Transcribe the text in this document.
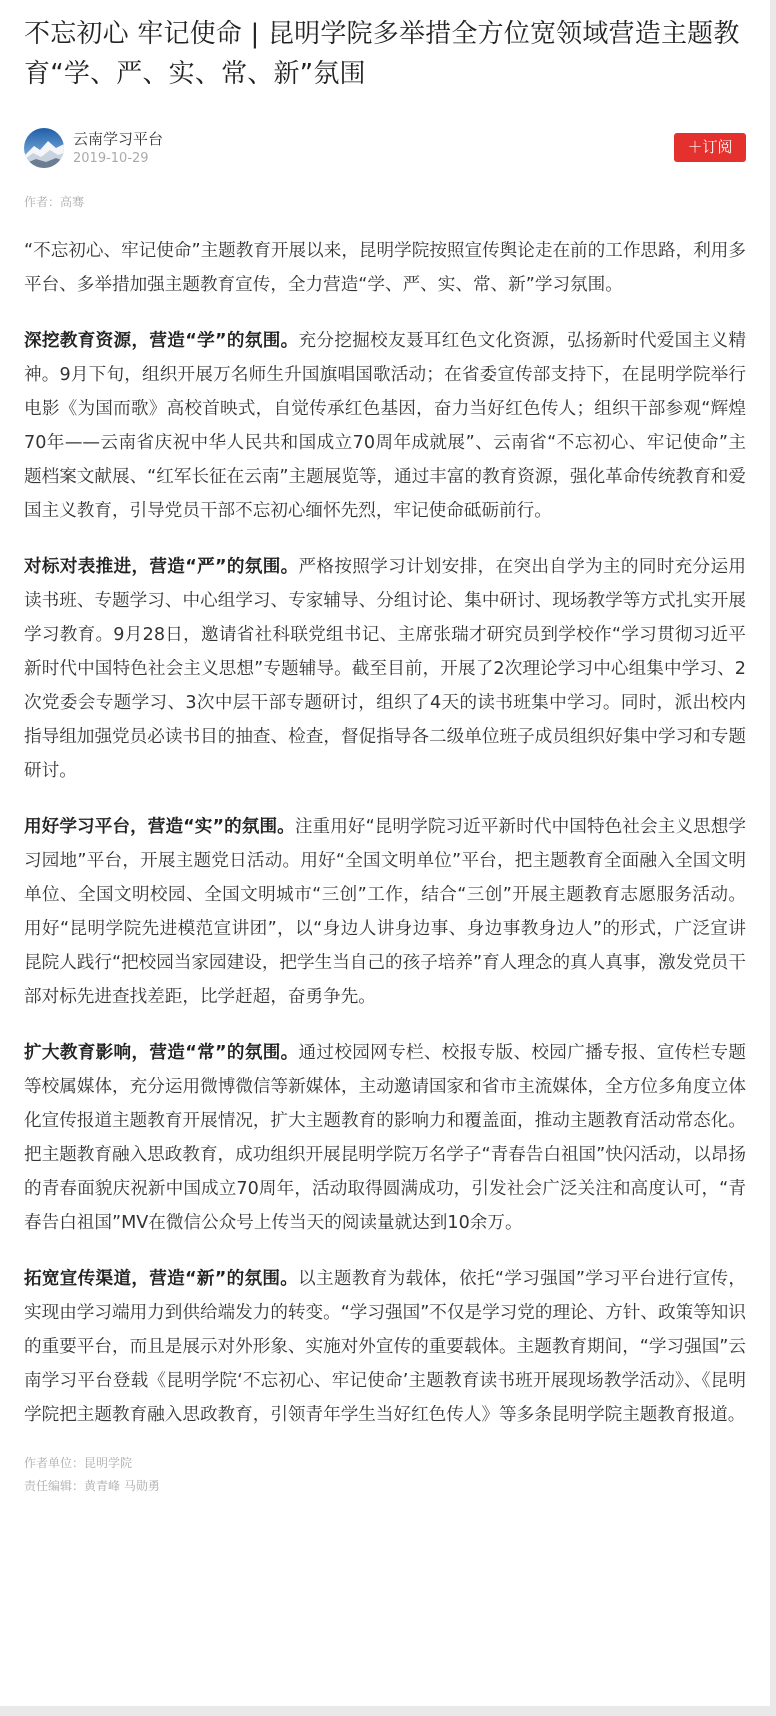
不忘初心 牢记使命 | 昆明学院多举措全方位宽领域营造主题教育“学、严、实、常、新”氛围
云南学习平台
2019-10-29
＋订阅
作者：高骞

“不忘初心、牢记使命”主题教育开展以来，昆明学院按照宣传舆论走在前的工作思路，利用多平台、多举措加强主题教育宣传，全力营造“学、严、实、常、新”学习氛围。

深挖教育资源，营造“学”的氛围。充分挖掘校友聂耳红色文化资源，弘扬新时代爱国主义精神。9月下旬，组织开展万名师生升国旗唱国歌活动；在省委宣传部支持下，在昆明学院举行电影《为国而歌》高校首映式，自觉传承红色基因，奋力当好红色传人；组织干部参观“辉煌70年——云南省庆祝中华人民共和国成立70周年成就展”、云南省“不忘初心、牢记使命”主题档案文献展、“红军长征在云南”主题展览等，通过丰富的教育资源，强化革命传统教育和爱国主义教育，引导党员干部不忘初心缅怀先烈，牢记使命砥砺前行。

对标对表推进，营造“严”的氛围。严格按照学习计划安排，在突出自学为主的同时充分运用读书班、专题学习、中心组学习、专家辅导、分组讨论、集中研讨、现场教学等方式扎实开展学习教育。9月28日，邀请省社科联党组书记、主席张瑞才研究员到学校作“学习贯彻习近平新时代中国特色社会主义思想”专题辅导。截至目前，开展了2次理论学习中心组集中学习、2次党委会专题学习、3次中层干部专题研讨，组织了4天的读书班集中学习。同时，派出校内指导组加强党员必读书目的抽查、检查，督促指导各二级单位班子成员组织好集中学习和专题研讨。

用好学习平台，营造“实”的氛围。注重用好“昆明学院习近平新时代中国特色社会主义思想学习园地”平台，开展主题党日活动。用好“全国文明单位”平台，把主题教育全面融入全国文明单位、全国文明校园、全国文明城市“三创”工作，结合“三创”开展主题教育志愿服务活动。用好“昆明学院先进模范宣讲团”，以“身边人讲身边事、身边事教身边人”的形式，广泛宣讲昆院人践行“把校园当家园建设，把学生当自己的孩子培养”育人理念的真人真事，激发党员干部对标先进查找差距，比学赶超，奋勇争先。

扩大教育影响，营造“常”的氛围。通过校园网专栏、校报专版、校园广播专报、宣传栏专题等校属媒体，充分运用微博微信等新媒体，主动邀请国家和省市主流媒体，全方位多角度立体化宣传报道主题教育开展情况，扩大主题教育的影响力和覆盖面，推动主题教育活动常态化。把主题教育融入思政教育，成功组织开展昆明学院万名学子“青春告白祖国”快闪活动，以昂扬的青春面貌庆祝新中国成立70周年，活动取得圆满成功，引发社会广泛关注和高度认可，“青春告白祖国”MV在微信公众号上传当天的阅读量就达到10余万。

拓宽宣传渠道，营造“新”的氛围。以主题教育为载体，依托“学习强国”学习平台进行宣传，实现由学习端用力到供给端发力的转变。“学习强国”不仅是学习党的理论、方针、政策等知识的重要平台，而且是展示对外形象、实施对外宣传的重要载体。主题教育期间，“学习强国”云南学习平台登载《昆明学院‘不忘初心、牢记使命’主题教育读书班开展现场教学活动》、《昆明学院把主题教育融入思政教育，引领青年学生当好红色传人》等多条昆明学院主题教育报道。

作者单位：昆明学院
责任编辑：黄青峰 马勋勇
